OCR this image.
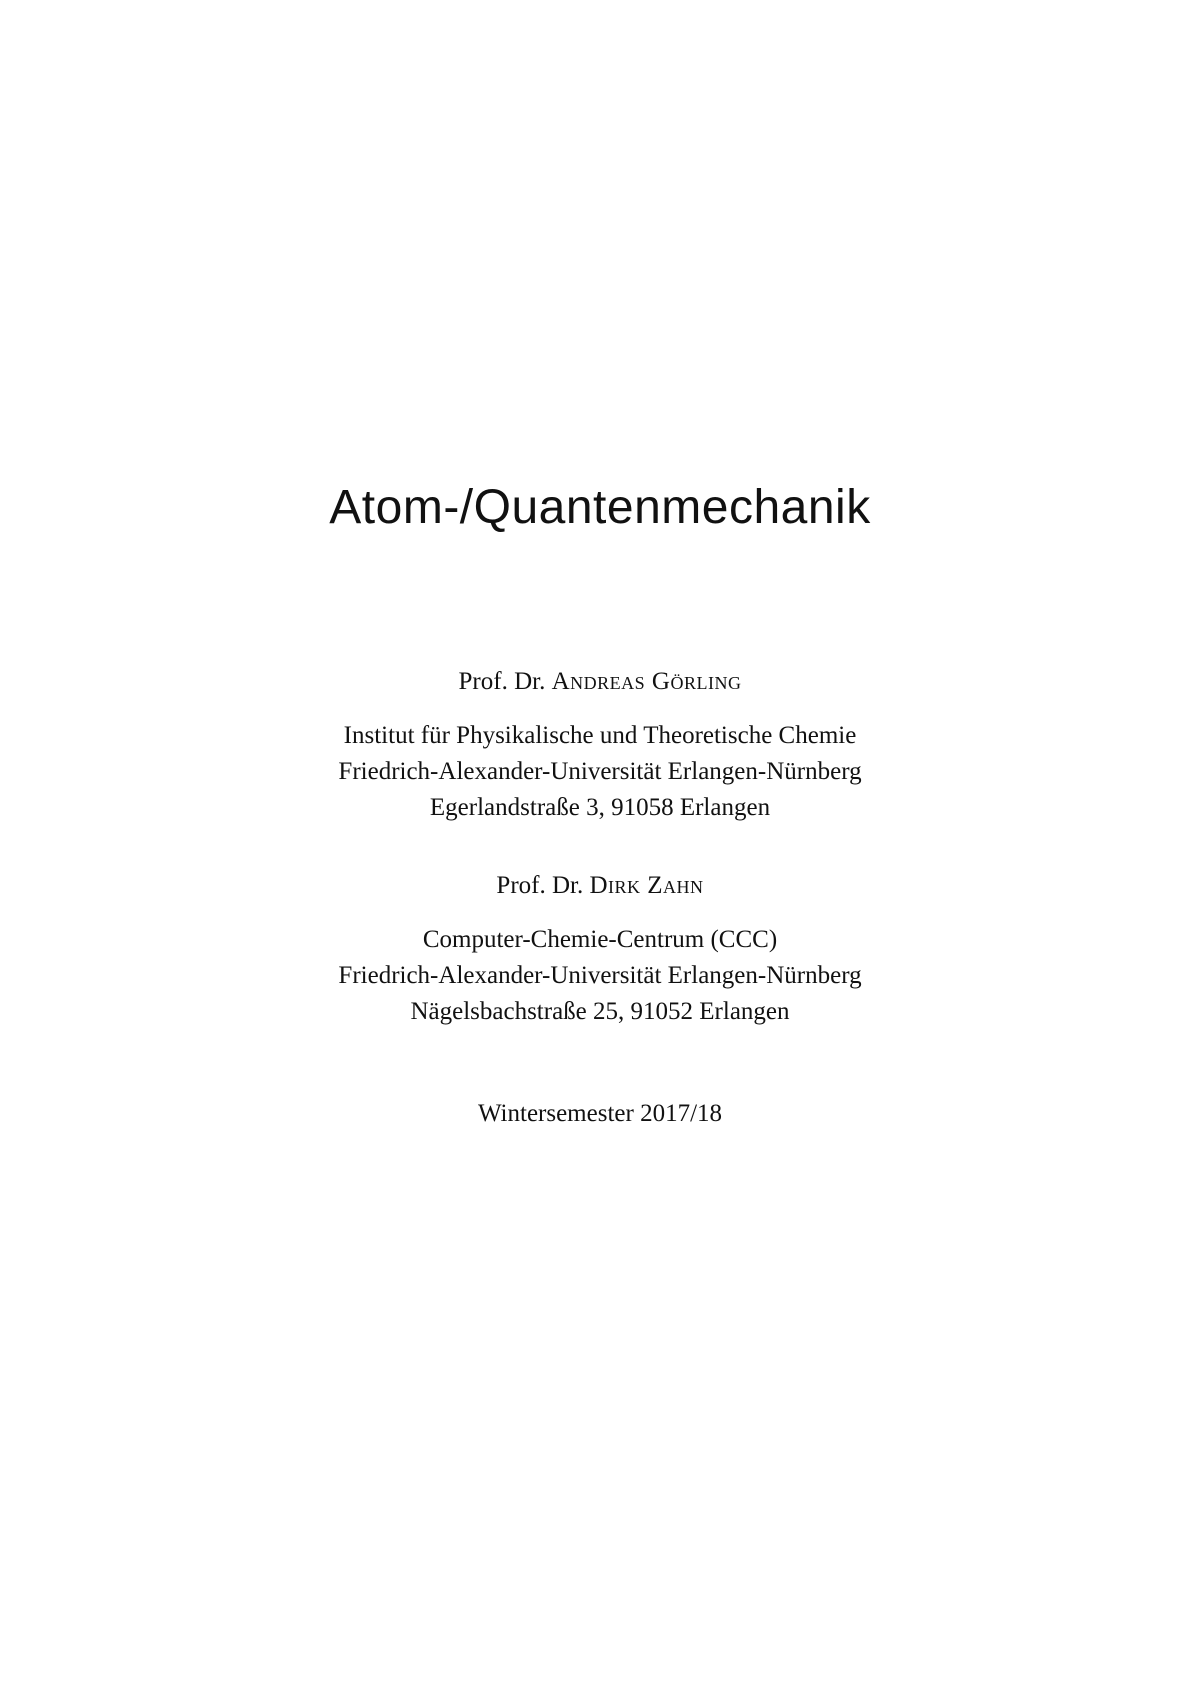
Atom-/Quantenmechanik
Prof. Dr. Andreas Görling
Institut für Physikalische und Theoretische Chemie
Friedrich-Alexander-Universität Erlangen-Nürnberg
Egerlandstraße 3, 91058 Erlangen
Prof. Dr. Dirk Zahn
Computer-Chemie-Centrum (CCC)
Friedrich-Alexander-Universität Erlangen-Nürnberg
Nägelsbachstraße 25, 91052 Erlangen
Wintersemester 2017/18
